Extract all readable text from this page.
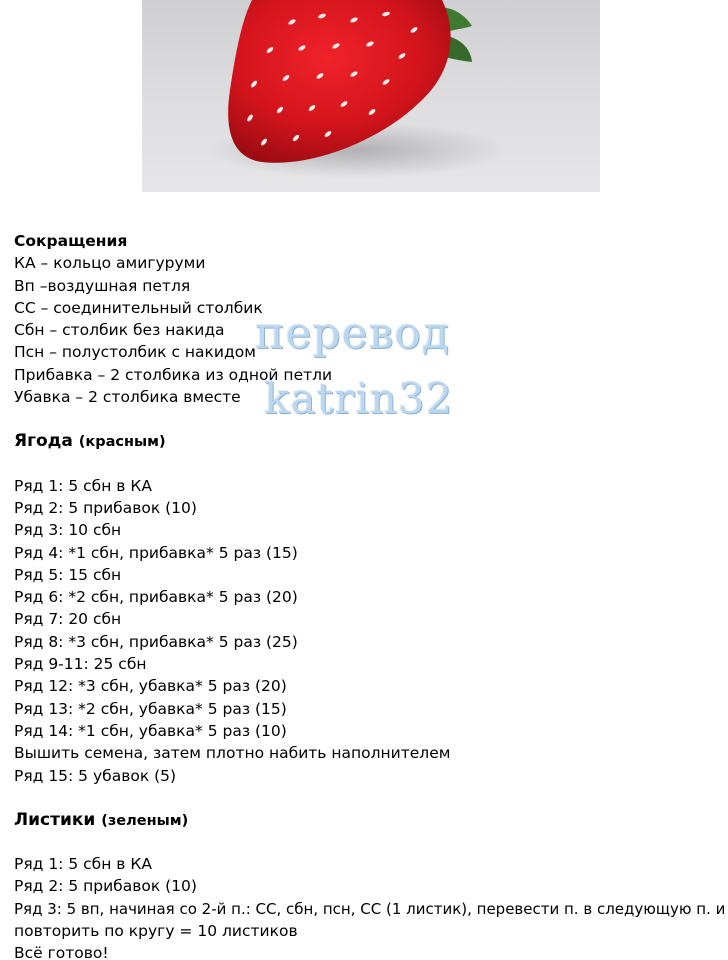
Сокращения
КА – кольцо амигуруми
Вп –воздушная петля
СС – соединительный столбик
Сбн – столбик без накида
Псн – полустолбик с накидом
Прибавка – 2 столбика из одной петли
Убавка – 2 столбика вместе
Ягода (красным)
Ряд 1: 5 сбн в КА
Ряд 2: 5 прибавок (10)
Ряд 3: 10 сбн
Ряд 4: *1 сбн, прибавка* 5 раз (15)
Ряд 5: 15 сбн
Ряд 6: *2 сбн, прибавка* 5 раз (20)
Ряд 7: 20 сбн
Ряд 8: *3 сбн, прибавка* 5 раз (25)
Ряд 9-11: 25 сбн
Ряд 12: *3 сбн, убавка* 5 раз (20)
Ряд 13: *2 сбн, убавка* 5 раз (15)
Ряд 14: *1 сбн, убавка* 5 раз (10)
Вышить семена, затем плотно набить наполнителем
Ряд 15: 5 убавок (5)
Листики (зеленым)
Ряд 1: 5 сбн в КА
Ряд 2: 5 прибавок (10)
Ряд 3: 5 вп, начиная со 2-й п.: СС, сбн, псн, СС (1 листик), перевести п. в следующую п. и
повторить по кругу = 10 листиков
Всё готово!
перевод
katrin32
